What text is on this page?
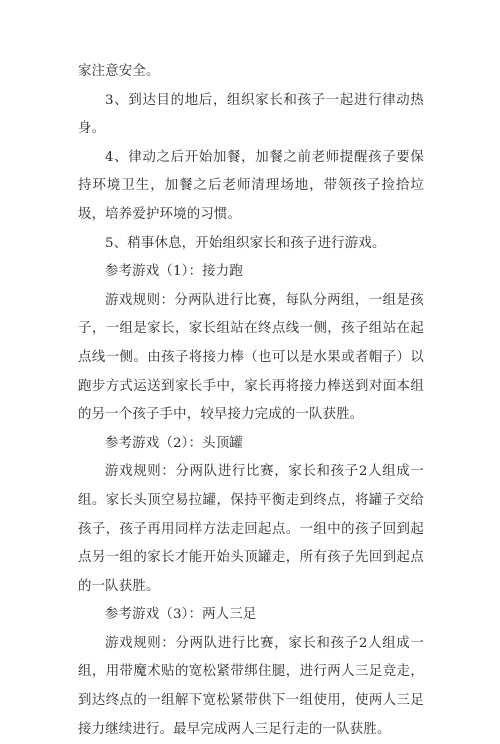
家注意安全。

3、到达目的地后，组织家长和孩子一起进行律动热身。

4、律动之后开始加餐，加餐之前老师提醒孩子要保持环境卫生，加餐之后老师清理场地，带领孩子捡拾垃圾，培养爱护环境的习惯。

5、稍事休息，开始组织家长和孩子进行游戏。

参考游戏（1）：接力跑

游戏规则：分两队进行比赛，每队分两组，一组是孩子，一组是家长，家长组站在终点线一侧，孩子组站在起点线一侧。由孩子将接力棒（也可以是水果或者帽子）以跑步方式运送到家长手中，家长再将接力棒送到对面本组的另一个孩子手中，较早接力完成的一队获胜。

参考游戏（2）：头顶罐

游戏规则：分两队进行比赛，家长和孩子2人组成一组。家长头顶空易拉罐，保持平衡走到终点，将罐子交给孩子，孩子再用同样方法走回起点。一组中的孩子回到起点另一组的家长才能开始头顶罐走，所有孩子先回到起点的一队获胜。

参考游戏（3）：两人三足

游戏规则：分两队进行比赛，家长和孩子2人组成一组，用带魔术贴的宽松紧带绑住腿，进行两人三足竞走，到达终点的一组解下宽松紧带供下一组使用，使两人三足接力继续进行。最早完成两人三足行走的一队获胜。
